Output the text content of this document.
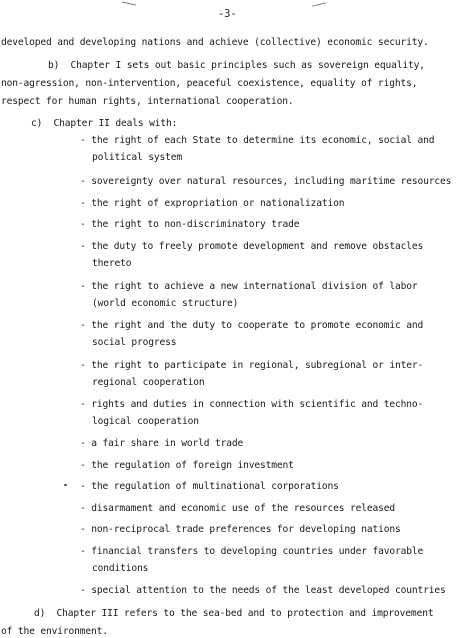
-3-
developed and developing nations and achieve (collective) economic security.
b)  Chapter I sets out basic principles such as sovereign equality,
non-agression, non-intervention, peaceful coexistence, equality of rights,
respect for human rights, international cooperation.
c)  Chapter II deals with:
- the right of each State to determine its economic, social and
political system
- sovereignty over natural resources, including maritime resources
- the right of expropriation or nationalization
- the right to non-discriminatory trade
- the duty to freely promote development and remove obstacles
thereto
- the right to achieve a new international division of labor
(world economic structure)
- the right and the duty to cooperate to promote economic and
social progress
- the right to participate in regional, subregional or inter-
regional cooperation
- rights and duties in connection with scientific and techno-
logical cooperation
- a fair share in world trade
- the regulation of foreign investment
- the regulation of multinational corporations
- disarmament and economic use of the resources released
- non-reciprocal trade preferences for developing nations
- financial transfers to developing countries under favorable
conditions
- special attention to the needs of the least developed countries
d)  Chapter III refers to the sea-bed and to protection and improvement
of the environment.
